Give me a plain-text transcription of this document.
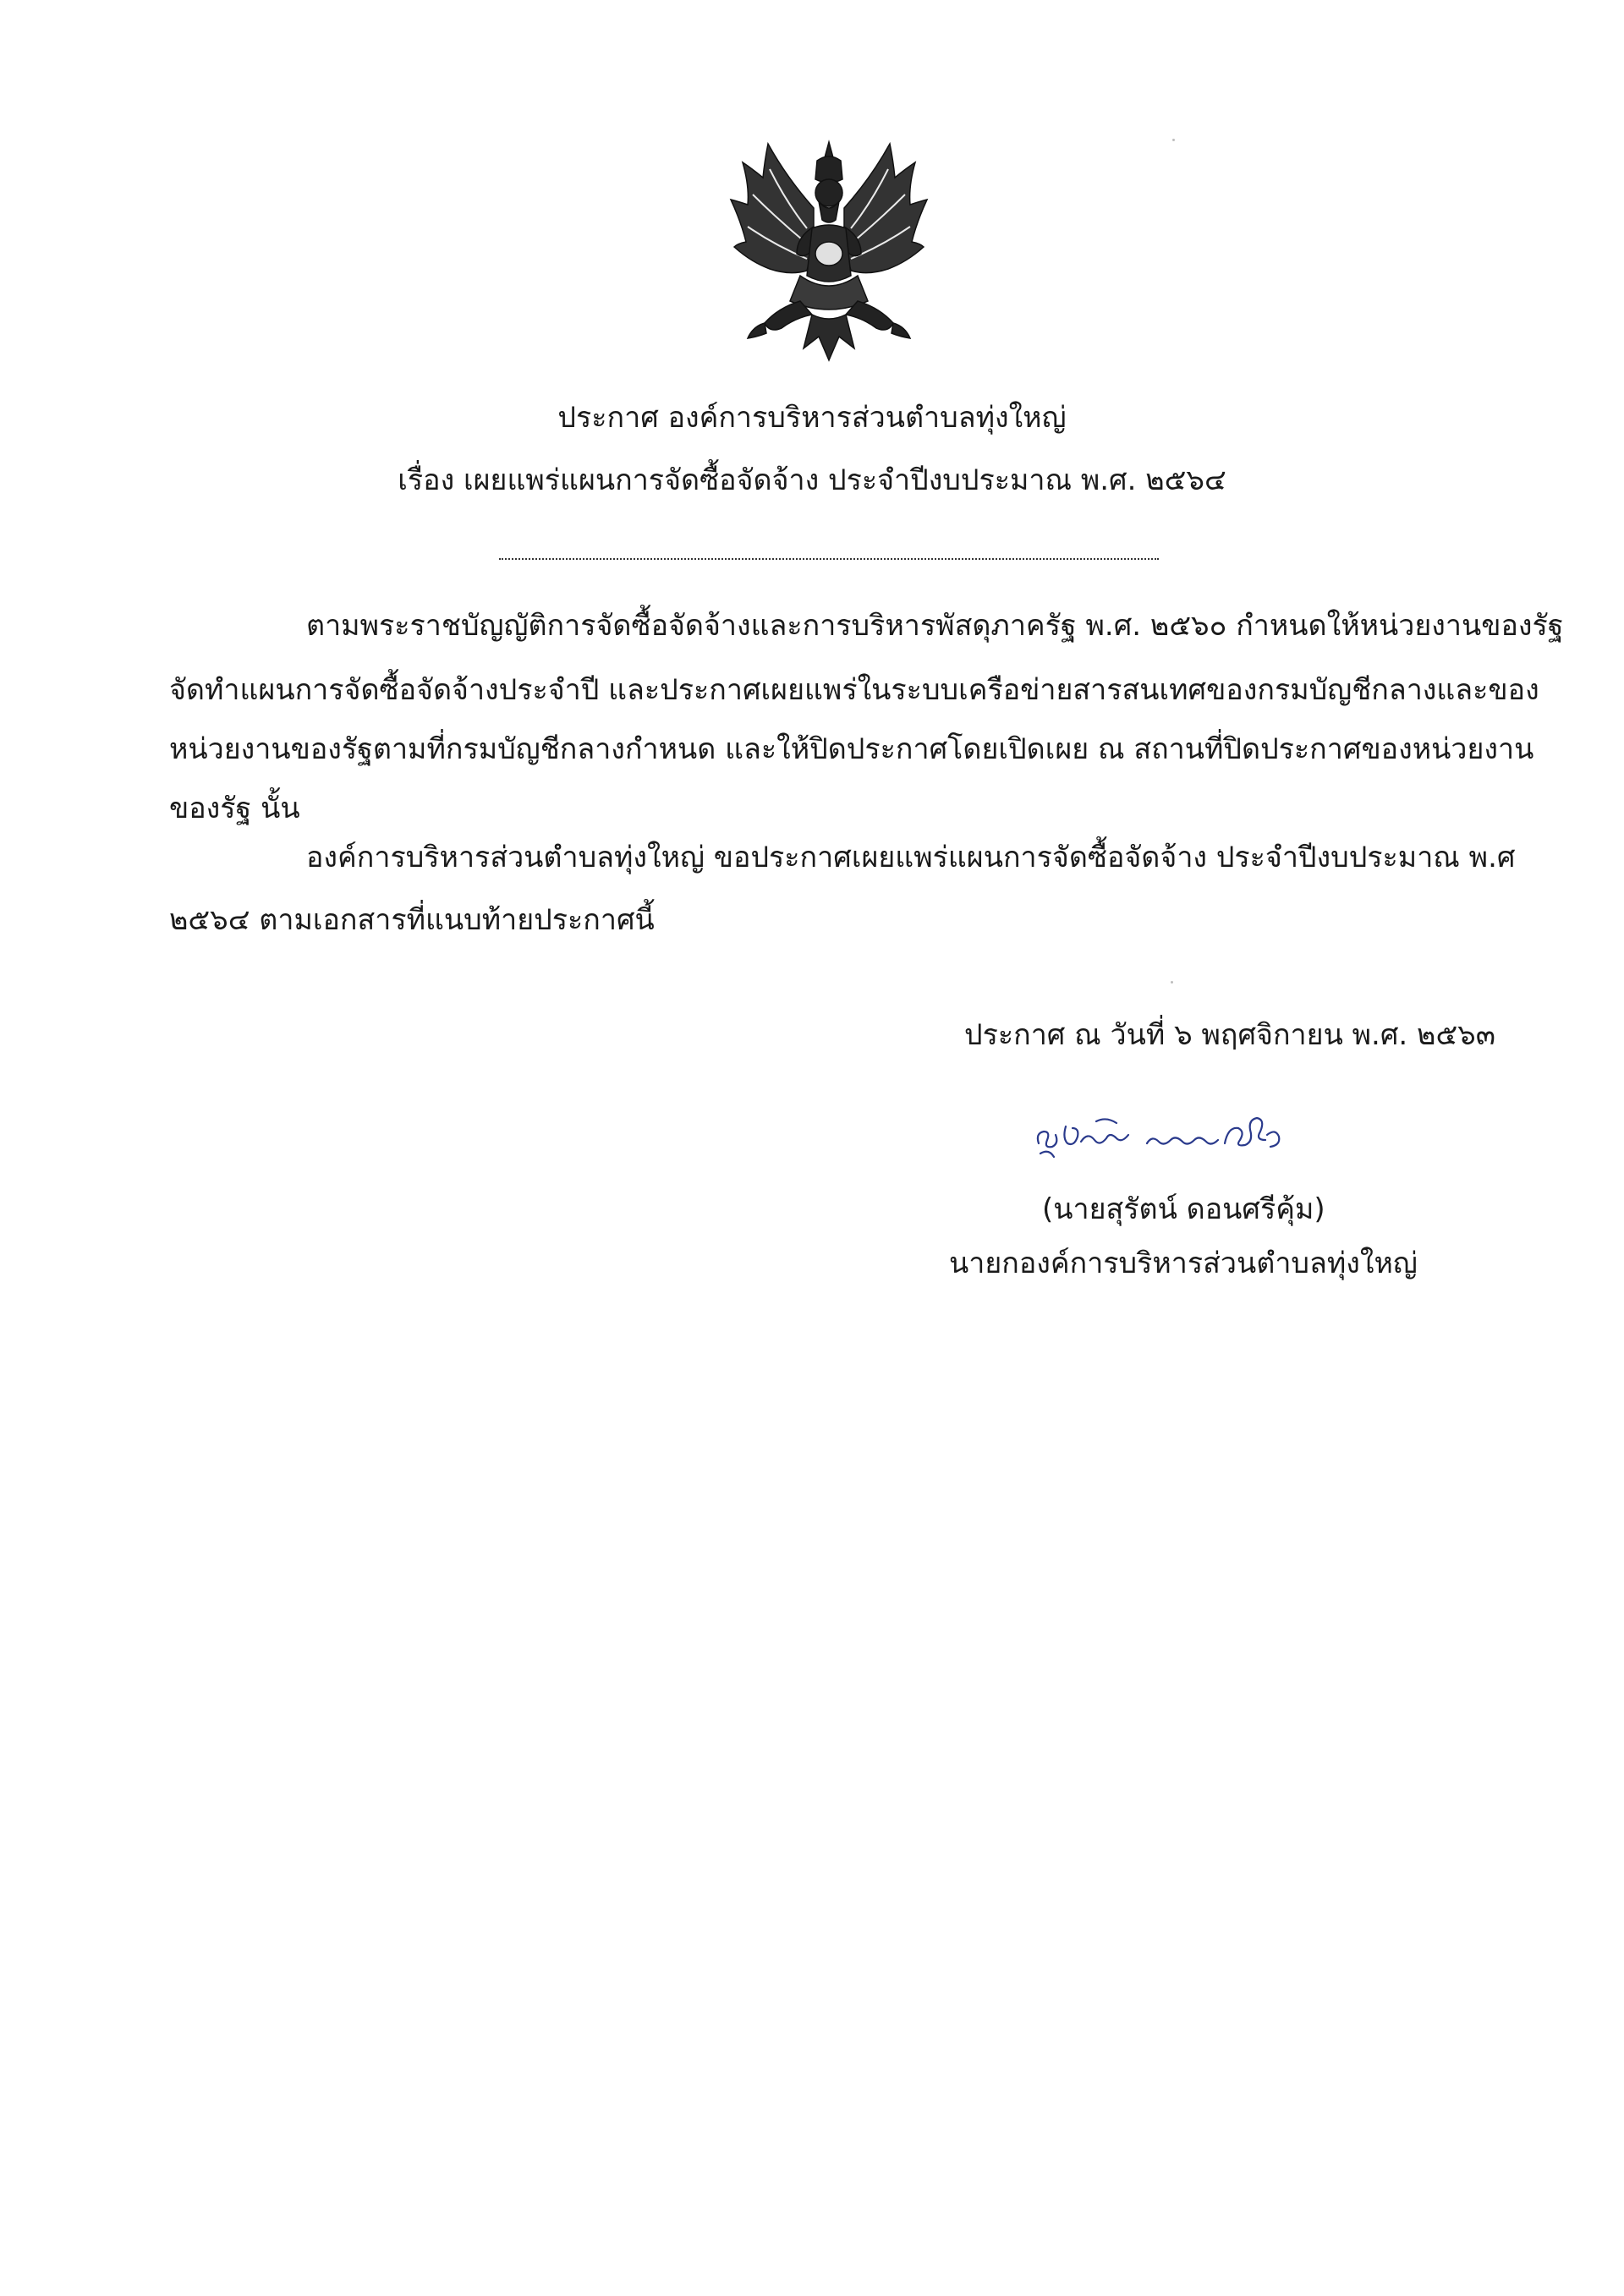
ประกาศ องค์การบริหารส่วนตำบลทุ่งใหญ่
เรื่อง เผยแพร่แผนการจัดซื้อจัดจ้าง ประจำปีงบประมาณ พ.ศ. ๒๕๖๔
ตามพระราชบัญญัติการจัดซื้อจัดจ้างและการบริหารพัสดุภาครัฐ พ.ศ. ๒๕๖๐ กำหนดให้หน่วยงานของรัฐ
จัดทำแผนการจัดซื้อจัดจ้างประจำปี และประกาศเผยแพร่ในระบบเครือข่ายสารสนเทศของกรมบัญชีกลางและของ
หน่วยงานของรัฐตามที่กรมบัญชีกลางกำหนด และให้ปิดประกาศโดยเปิดเผย ณ สถานที่ปิดประกาศของหน่วยงาน
ของรัฐ นั้น
องค์การบริหารส่วนตำบลทุ่งใหญ่ ขอประกาศเผยแพร่แผนการจัดซื้อจัดจ้าง ประจำปีงบประมาณ พ.ศ
๒๕๖๔ ตามเอกสารที่แนบท้ายประกาศนี้
ประกาศ ณ วันที่ ๖ พฤศจิกายน พ.ศ. ๒๕๖๓
(นายสุรัตน์ ดอนศรีคุ้ม)
นายกองค์การบริหารส่วนตำบลทุ่งใหญ่
